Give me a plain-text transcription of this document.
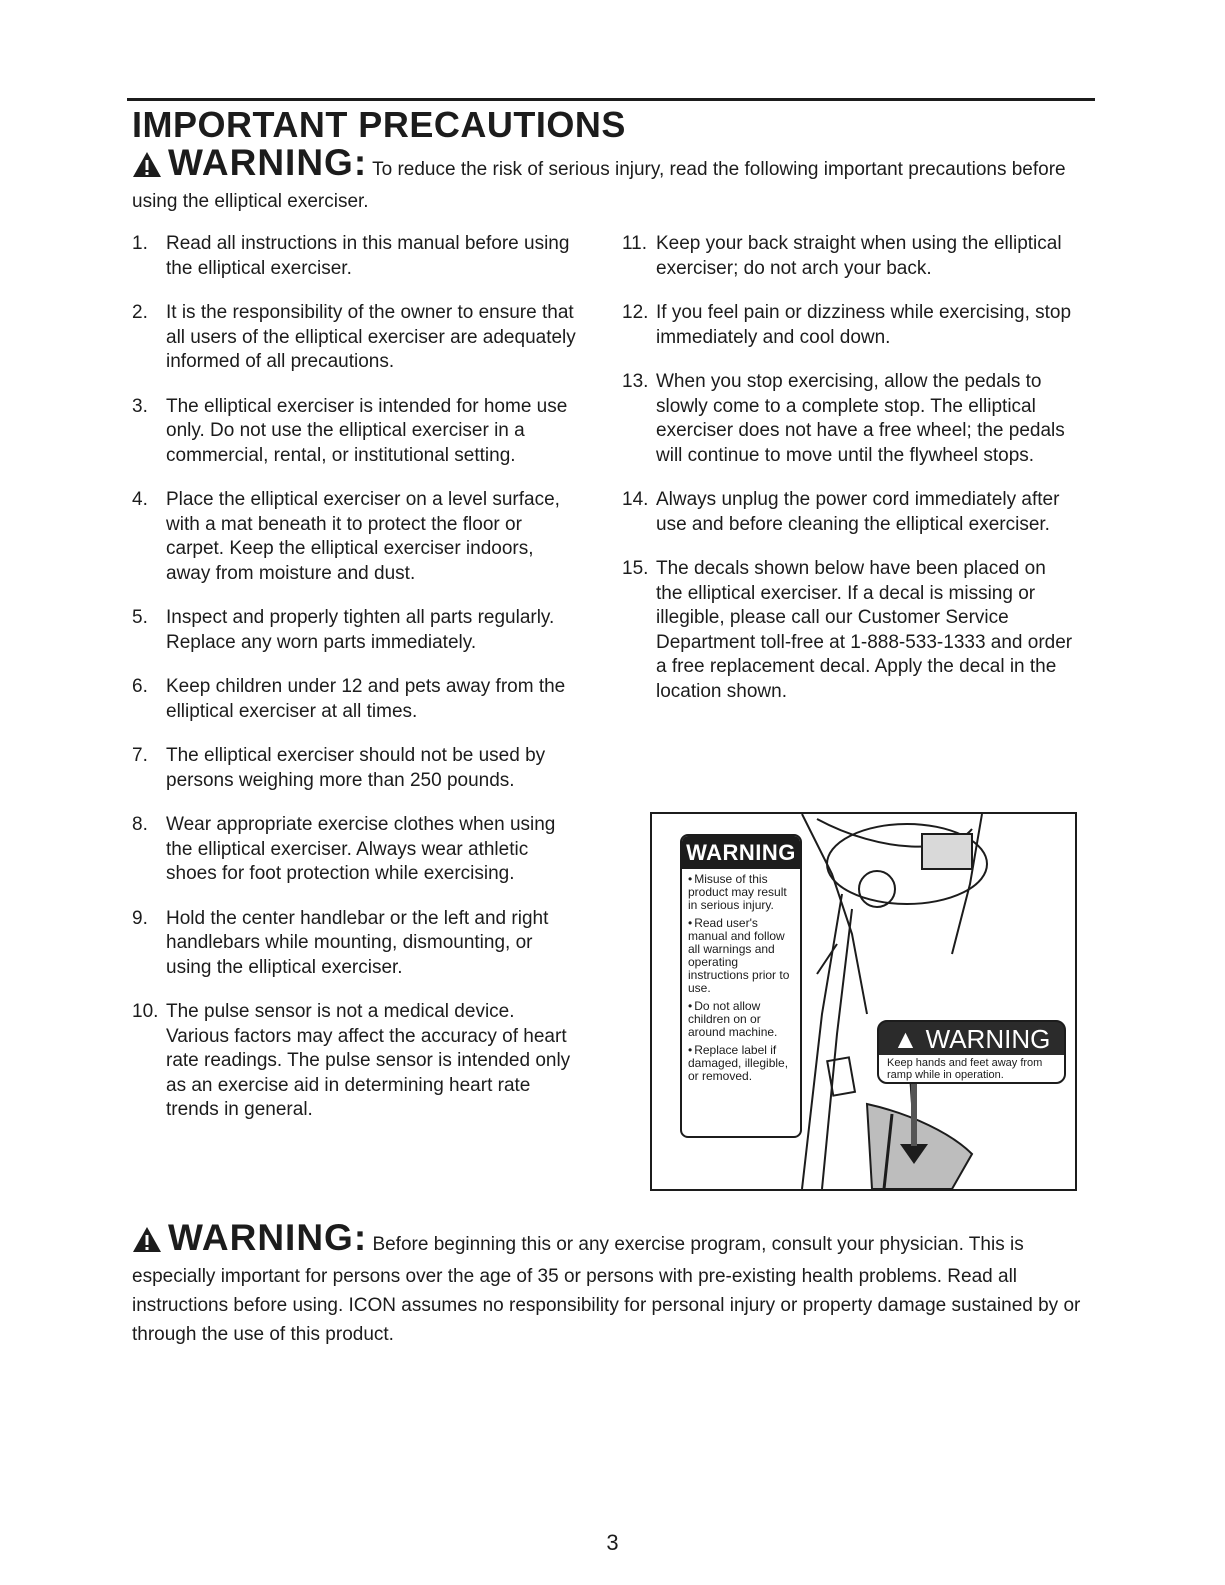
IMPORTANT PRECAUTIONS
WARNING: To reduce the risk of serious injury, read the following important precautions before using the elliptical exerciser.
1. Read all instructions in this manual before using the elliptical exerciser.
2. It is the responsibility of the owner to ensure that all users of the elliptical exerciser are adequately informed of all precautions.
3. The elliptical exerciser is intended for home use only. Do not use the elliptical exerciser in a commercial, rental, or institutional setting.
4. Place the elliptical exerciser on a level surface, with a mat beneath it to protect the floor or carpet. Keep the elliptical exerciser indoors, away from moisture and dust.
5. Inspect and properly tighten all parts regularly. Replace any worn parts immediately.
6. Keep children under 12 and pets away from the elliptical exerciser at all times.
7. The elliptical exerciser should not be used by persons weighing more than 250 pounds.
8. Wear appropriate exercise clothes when using the elliptical exerciser. Always wear athletic shoes for foot protection while exercising.
9. Hold the center handlebar or the left and right handlebars while mounting, dismounting, or using the elliptical exerciser.
10. The pulse sensor is not a medical device. Various factors may affect the accuracy of heart rate readings. The pulse sensor is intended only as an exercise aid in determining heart rate trends in general.
11. Keep your back straight when using the elliptical exerciser; do not arch your back.
12. If you feel pain or dizziness while exercising, stop immediately and cool down.
13. When you stop exercising, allow the pedals to slowly come to a complete stop. The elliptical exerciser does not have a free wheel; the pedals will continue to move until the flywheel stops.
14. Always unplug the power cord immediately after use and before cleaning the elliptical exerciser.
15. The decals shown below have been placed on the elliptical exerciser. If a decal is missing or illegible, please call our Customer Service Department toll-free at 1-888-533-1333 and order a free replacement decal. Apply the decal in the location shown.
WARNING
• Misuse of this product may result in serious injury.
• Read user's manual and follow all warnings and operating instructions prior to use.
• Do not allow children on or around machine.
• Replace label if damaged, illegible, or removed.
▲ WARNING
Keep hands and feet away from ramp while in operation.
WARNING: Before beginning this or any exercise program, consult your physician. This is especially important for persons over the age of 35 or persons with pre-existing health problems. Read all instructions before using. ICON assumes no responsibility for personal injury or property damage sustained by or through the use of this product.
3
